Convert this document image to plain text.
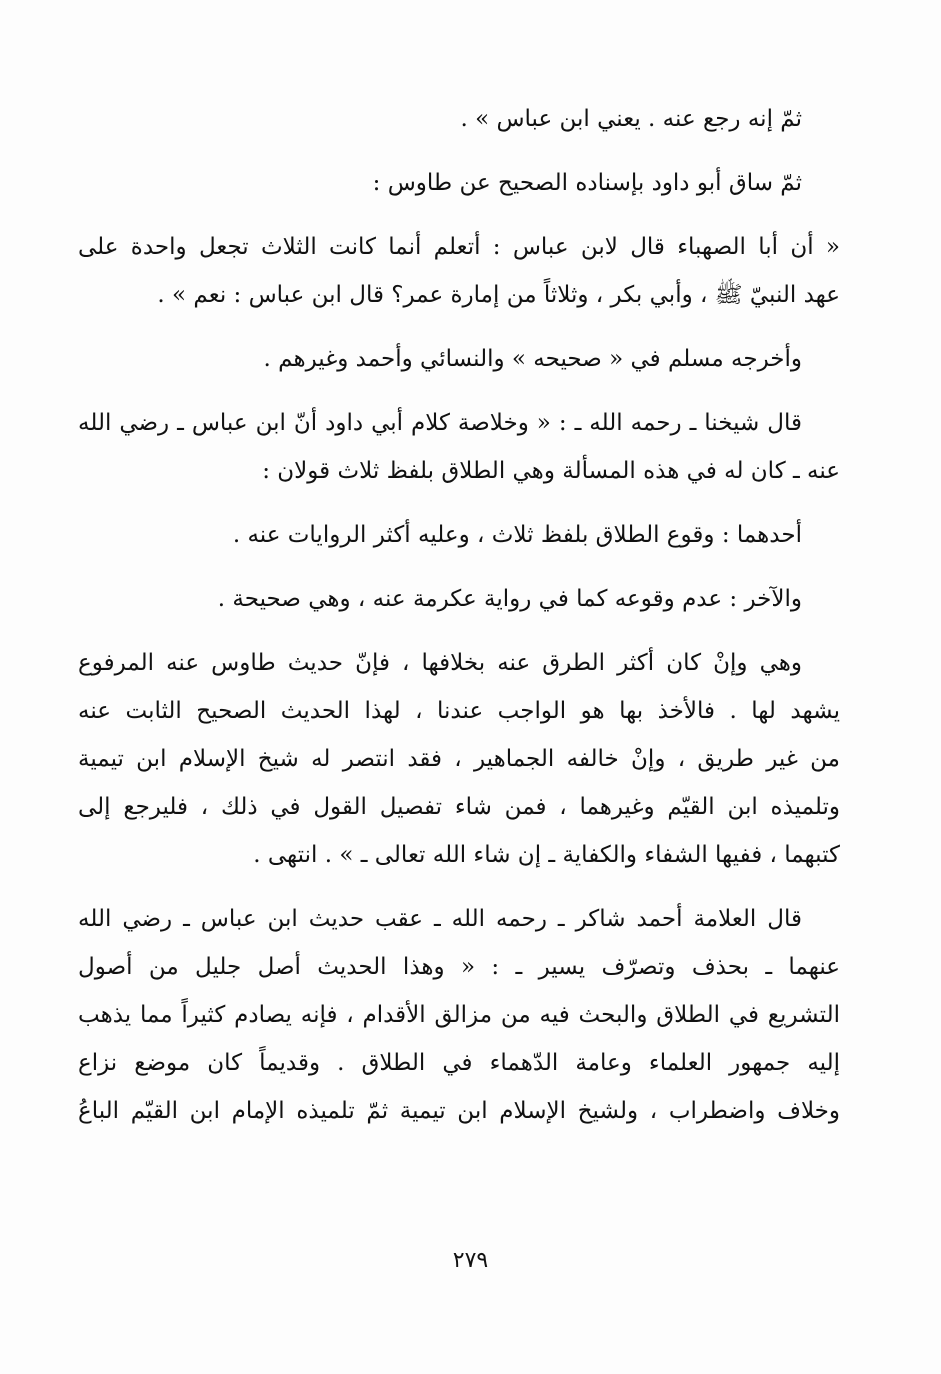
ثمّ إنه رجع عنه . يعني ابن عباس » .
ثمّ ساق أبو داود بإسناده الصحيح عن طاوس :
« أن أبا الصهباء قال لابن عباس : أتعلم أنما كانت الثلاث تجعل واحدة على
عهد النبيّ ﷺ ، وأبي بكر ، وثلاثاً من إمارة عمر؟ قال ابن عباس : نعم » .
وأخرجه مسلم في « صحيحه » والنسائي وأحمد وغيرهم .
قال شيخنا ـ رحمه الله ـ : « وخلاصة كلام أبي داود أنّ ابن عباس ـ رضي الله
عنه ـ كان له في هذه المسألة وهي الطلاق بلفظ ثلاث قولان :
أحدهما : وقوع الطلاق بلفظ ثلاث ، وعليه أكثر الروايات عنه .
والآخر : عدم وقوعه كما في رواية عكرمة عنه ، وهي صحيحة .
وهي وإنْ كان أكثر الطرق عنه بخلافها ، فإنّ حديث طاوس عنه المرفوع
يشهد لها . فالأخذ بها هو الواجب عندنا ، لهذا الحديث الصحيح الثابت عنه
من غير طريق ، وإنْ خالفه الجماهير ، فقد انتصر له شيخ الإسلام ابن تيمية
وتلميذه ابن القيّم وغيرهما ، فمن شاء تفصيل القول في ذلك ، فليرجع إلى
كتبهما ، ففيها الشفاء والكفاية ـ إن شاء الله تعالى ـ » . انتهى .
قال العلامة أحمد شاكر ـ رحمه الله ـ عقب حديث ابن عباس ـ رضي الله
عنهما ـ بحذف وتصرّف يسير ـ : « وهذا الحديث أصل جليل من أصول
التشريع في الطلاق والبحث فيه من مزالق الأقدام ، فإنه يصادم كثيراً مما يذهب
إليه جمهور العلماء وعامة الدّهماء في الطلاق . وقديماً كان موضع نزاع
وخلاف واضطراب ، ولشيخ الإسلام ابن تيمية ثمّ تلميذه الإمام ابن القيّم الباعُ
٢٧٩
